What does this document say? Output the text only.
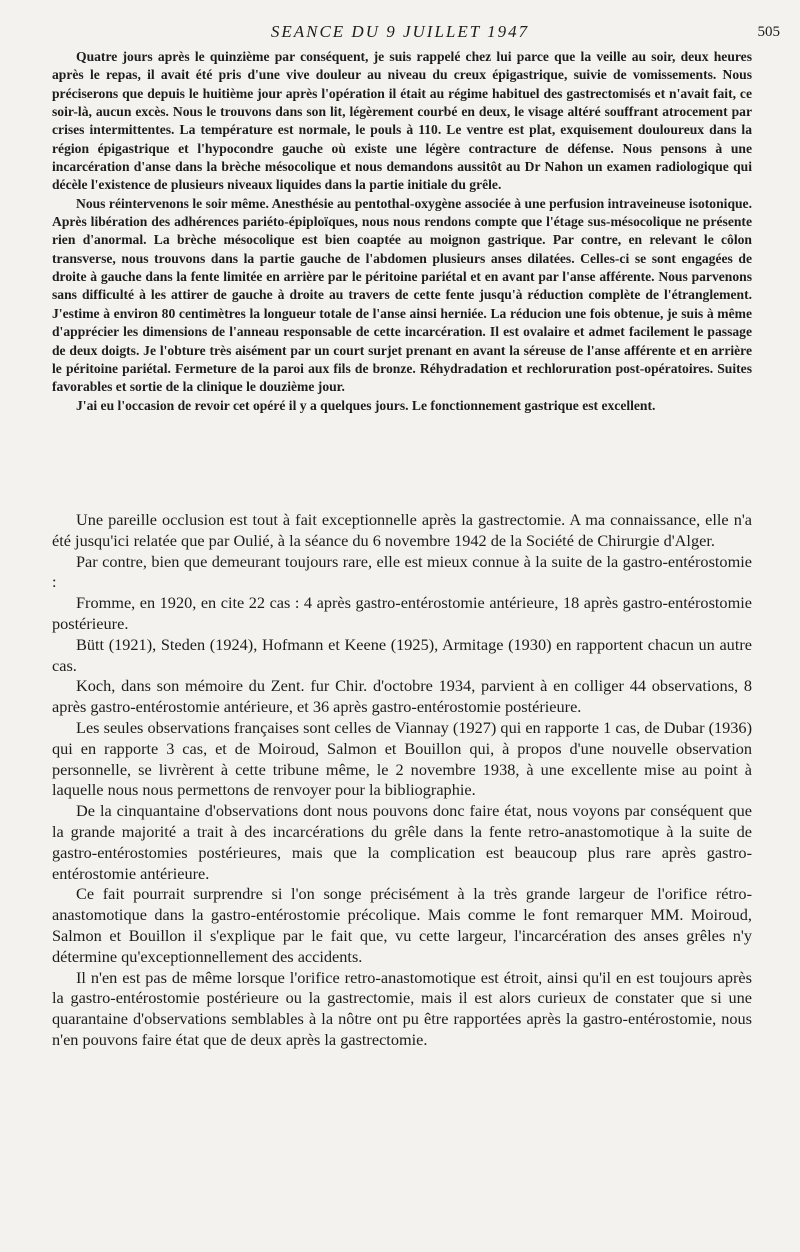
SEANCE DU 9 JUILLET 1947	505

Quatre jours après le quinzième par conséquent, je suis rappelé chez lui parce que la veille au soir, deux heures après le repas, il avait été pris d'une vive douleur au niveau du creux épigastrique, suivie de vomissements. Nous préciserons que depuis le huitième jour après l'opération il était au régime habituel des gastrectomisés et n'avait fait, ce soir-là, aucun excès. Nous le trouvons dans son lit, légèrement courbé en deux, le visage altéré souffrant atrocement par crises intermittentes. La température est normale, le pouls à 110. Le ventre est plat, exquisement douloureux dans la région épigastrique et l'hypocondre gauche où existe une légère contracture de défense. Nous pensons à une incarcération d'anse dans la brèche mésocolique et nous demandons aussitôt au Dr Nahon un examen radiologique qui décèle l'existence de plusieurs niveaux liquides dans la partie initiale du grêle.

Nous réintervenons le soir même. Anesthésie au pentothal-oxygène associée à une perfusion intraveineuse isotonique. Après libération des adhérences pariéto-épiploïques, nous nous rendons compte que l'étage sus-mésocolique ne présente rien d'anormal. La brèche mésocolique est bien coaptée au moignon gastrique. Par contre, en relevant le côlon transverse, nous trouvons dans la partie gauche de l'abdomen plusieurs anses dilatées. Celles-ci se sont engagées de droite à gauche dans la fente limitée en arrière par le péritoine pariétal et en avant par l'anse afférente. Nous parvenons sans difficulté à les attirer de gauche à droite au travers de cette fente jusqu'à réduction complète de l'étranglement. J'estime à environ 80 centimètres la longueur totale de l'anse ainsi herniée. La réducion une fois obtenue, je suis à même d'apprécier les dimensions de l'anneau responsable de cette incarcération. Il est ovalaire et admet facilement le passage de deux doigts. Je l'obture très aisément par un court surjet prenant en avant la séreuse de l'anse afférente et en arrière le péritoine pariétal. Fermeture de la paroi aux fils de bronze. Réhydradation et rechloruration post-opératoires. Suites favorables et sortie de la clinique le douzième jour.

J'ai eu l'occasion de revoir cet opéré il y a quelques jours. Le fonctionnement gastrique est excellent.

Une pareille occlusion est tout à fait exceptionnelle après la gastrectomie. A ma connaissance, elle n'a été jusqu'ici relatée que par Oulié, à la séance du 6 novembre 1942 de la Société de Chirurgie d'Alger.

Par contre, bien que demeurant toujours rare, elle est mieux connue à la suite de la gastro-entérostomie :

Fromme, en 1920, en cite 22 cas : 4 après gastro-entérostomie antérieure, 18 après gastro-entérostomie postérieure.

Bütt (1921), Steden (1924), Hofmann et Keene (1925), Armitage (1930) en rapportent chacun un autre cas.

Koch, dans son mémoire du Zent. fur Chir. d'octobre 1934, parvient à en colliger 44 observations, 8 après gastro-entérostomie antérieure, et 36 après gastro-entérostomie postérieure.

Les seules observations françaises sont celles de Viannay (1927) qui en rapporte 1 cas, de Dubar (1936) qui en rapporte 3 cas, et de Moiroud, Salmon et Bouillon qui, à propos d'une nouvelle observation personnelle, se livrèrent à cette tribune même, le 2 novembre 1938, à une excellente mise au point à laquelle nous nous permettons de renvoyer pour la bibliographie.

De la cinquantaine d'observations dont nous pouvons donc faire état, nous voyons par conséquent que la grande majorité a trait à des incarcérations du grêle dans la fente retro-anastomotique à la suite de gastro-entérostomies postérieures, mais que la complication est beaucoup plus rare après gastro-entérostomie antérieure.

Ce fait pourrait surprendre si l'on songe précisément à la très grande largeur de l'orifice rétro-anastomotique dans la gastro-entérostomie précolique. Mais comme le font remarquer MM. Moiroud, Salmon et Bouillon il s'explique par le fait que, vu cette largeur, l'incarcération des anses grêles n'y détermine qu'exceptionnellement des accidents.

Il n'en est pas de même lorsque l'orifice retro-anastomotique est étroit, ainsi qu'il en est toujours après la gastro-entérostomie postérieure ou la gastrectomie, mais il est alors curieux de constater que si une quarantaine d'observations semblables à la nôtre ont pu être rapportées après la gastro-entérostomie, nous n'en pouvons faire état que de deux après la gastrectomie.
